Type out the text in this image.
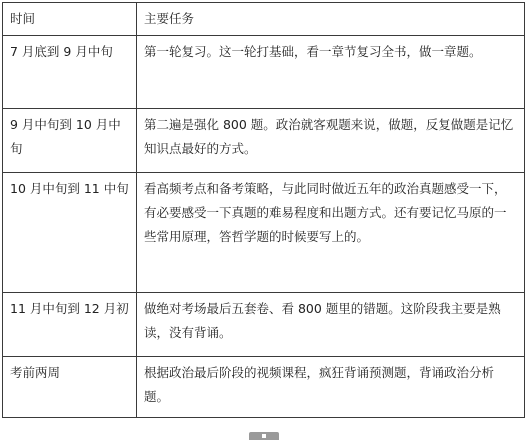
时间	主要任务
7 月底到 9 月中旬	第一轮复习。这一轮打基础，看一章节复习全书，做一章题。
9 月中旬到 10 月中旬	第二遍是强化 800 题。政治就客观题来说，做题，反复做题是记忆知识点最好的方式。
10 月中旬到 11 中旬	看高频考点和备考策略，与此同时做近五年的政治真题感受一下，有必要感受一下真题的难易程度和出题方式。还有要记忆马原的一些常用原理，答哲学题的时候要写上的。
11 月中旬到 12 月初	做绝对考场最后五套卷、看 800 题里的错题。这阶段我主要是熟读，没有背诵。
考前两周	根据政治最后阶段的视频课程，疯狂背诵预测题，背诵政治分析题。
